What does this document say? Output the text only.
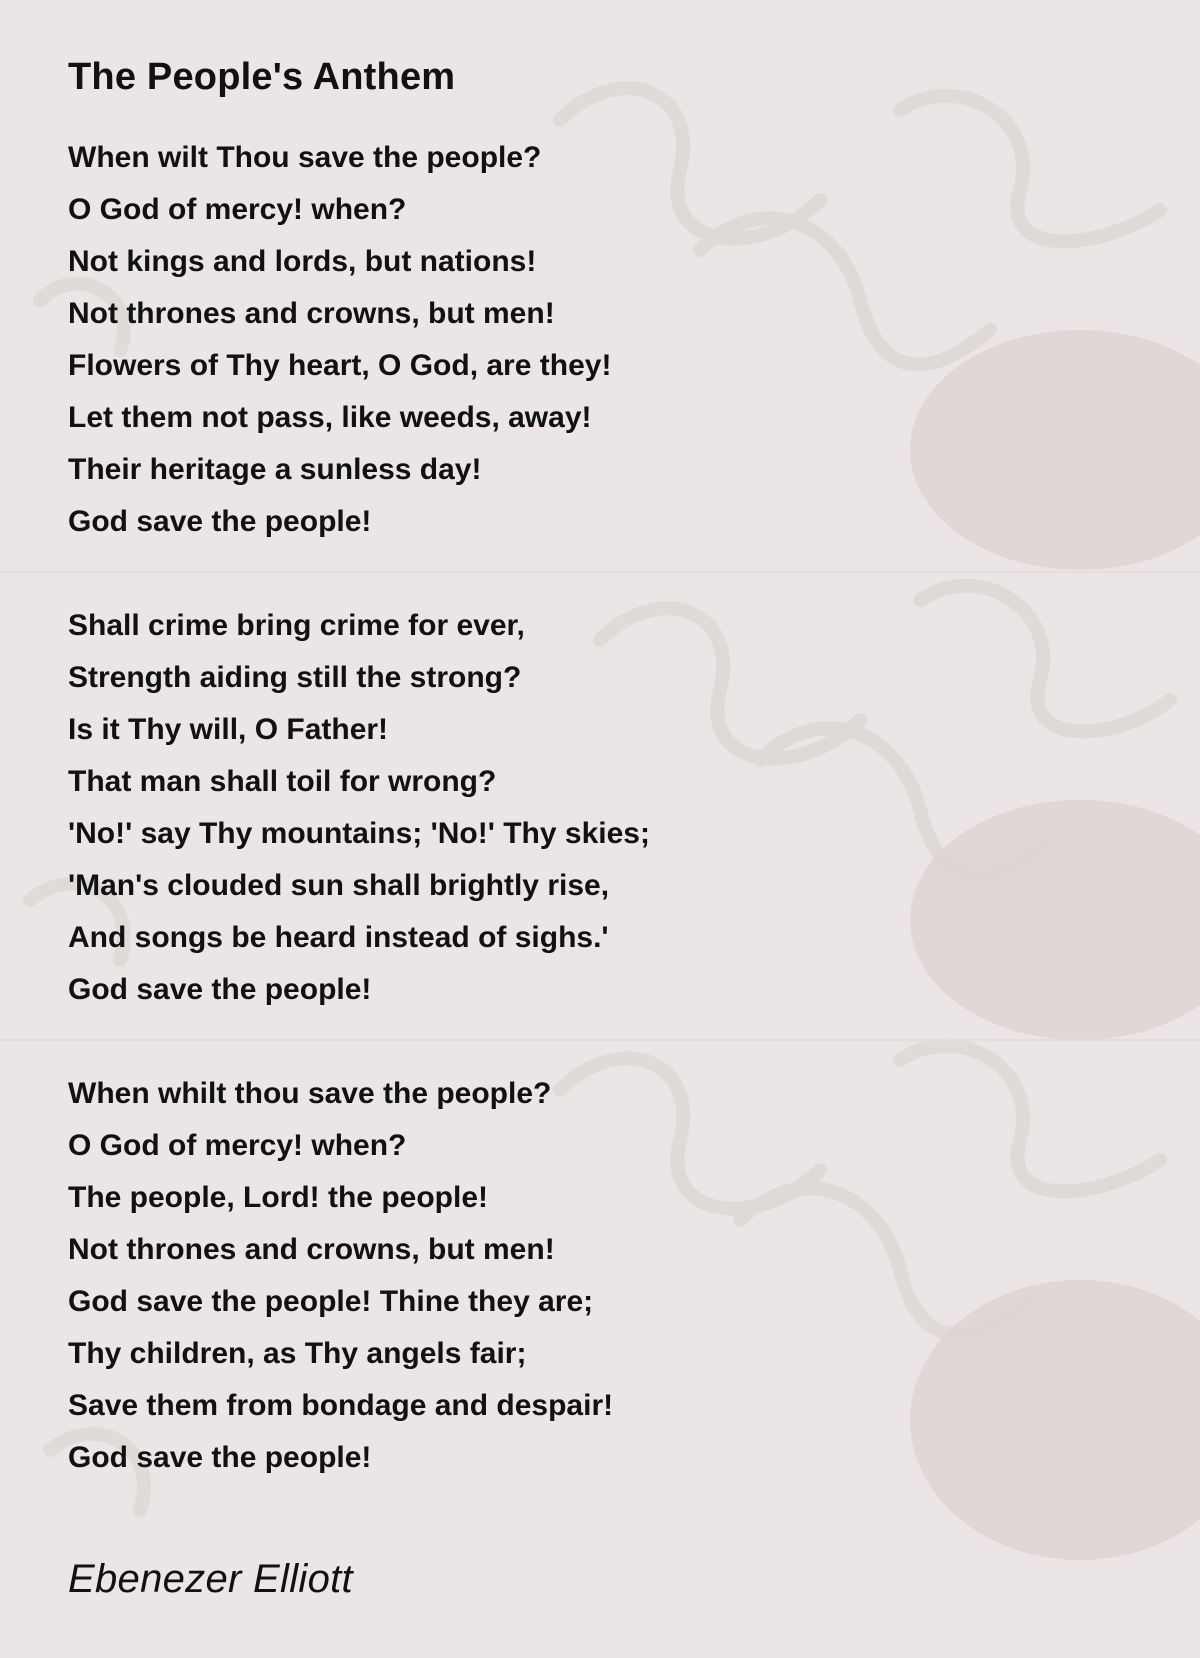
The People's Anthem
When wilt Thou save the people?
O God of mercy! when?
Not kings and lords, but nations!
Not thrones and crowns, but men!
Flowers of Thy heart, O God, are they!
Let them not pass, like weeds, away!
Their heritage a sunless day!
God save the people!
Shall crime bring crime for ever,
Strength aiding still the strong?
Is it Thy will, O Father!
That man shall toil for wrong?
'No!' say Thy mountains; 'No!' Thy skies;
'Man's clouded sun shall brightly rise,
And songs be heard instead of sighs.'
God save the people!
When whilt thou save the people?
O God of mercy! when?
The people, Lord! the people!
Not thrones and crowns, but men!
God save the people! Thine they are;
Thy children, as Thy angels fair;
Save them from bondage and despair!
God save the people!
Ebenezer Elliott
